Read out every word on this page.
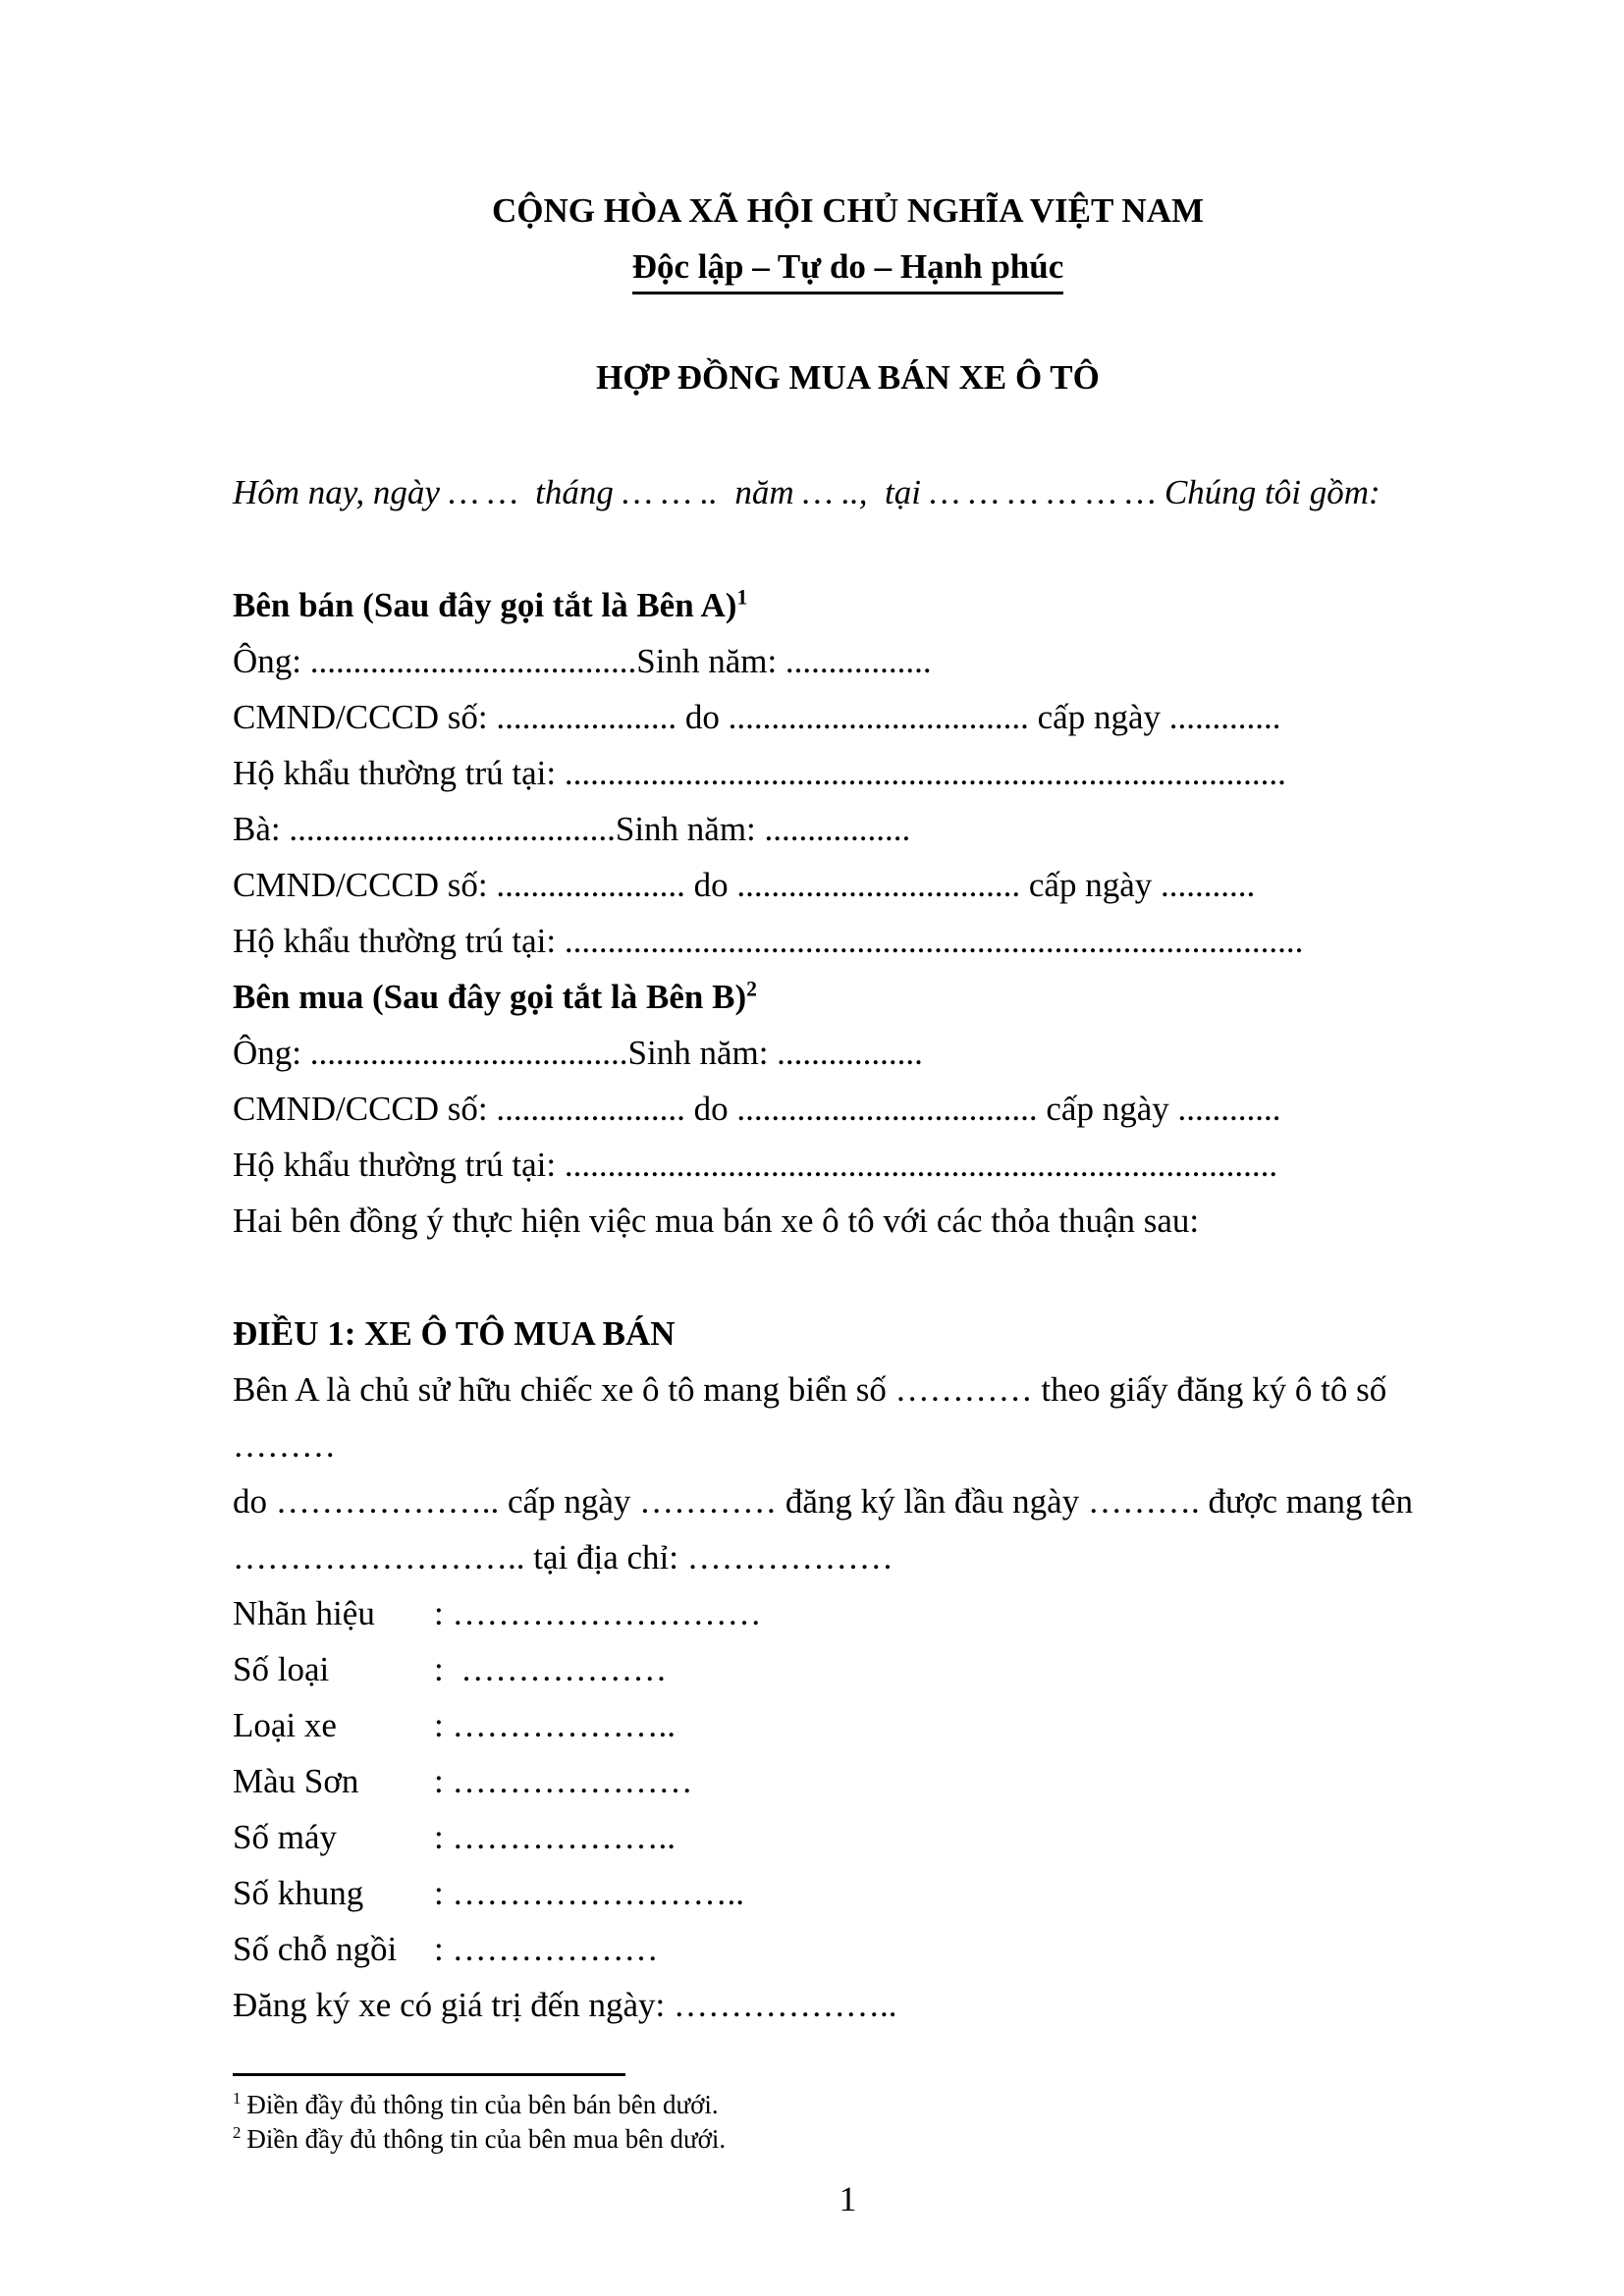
CỘNG HÒA XÃ HỘI CHỦ NGHĨA VIỆT NAM
Độc lập – Tự do – Hạnh phúc
HỢP ĐỒNG MUA BÁN XE Ô TÔ
Hôm nay, ngày … …  tháng … … ..  năm … ..,  tại … … … … … … Chúng tôi gồm:
Bên bán (Sau đây gọi tắt là Bên A)$^1$
Ông: ......................................Sinh năm: .................
CMND/CCCD số: ..................... do ................................... cấp ngày .............
Hộ khẩu thường trú tại: ....................................................................................
Bà: ......................................Sinh năm: .................
CMND/CCCD số: ...................... do ................................. cấp ngày ...........
Hộ khẩu thường trú tại: ......................................................................................
Bên mua (Sau đây gọi tắt là Bên B)$^2$
Ông: .....................................Sinh năm: .................
CMND/CCCD số: ...................... do ................................... cấp ngày ............
Hộ khẩu thường trú tại: ...................................................................................
Hai bên đồng ý thực hiện việc mua bán xe ô tô với các thỏa thuận sau:
ĐIỀU 1: XE Ô TÔ MUA BÁN
Bên A là chủ sử hữu chiếc xe ô tô mang biển số ………… theo giấy đăng ký ô tô số ………
do ……………….. cấp ngày ………… đăng ký lần đầu ngày ………. được mang tên
…………………….. tại địa chỉ: ………………
Nhãn hiệu : ………………………
Số loại	:  ………………
Loại xe	: ………………..
Màu Sơn : …………………
Số máy	: ………………..
Số khung : ……………………..
Số chỗ ngồi : ………………
Đăng ký xe có giá trị đến ngày: ………………..
$^1$ Điền đầy đủ thông tin của bên bán bên dưới.
$^2$ Điền đầy đủ thông tin của bên mua bên dưới.
1
